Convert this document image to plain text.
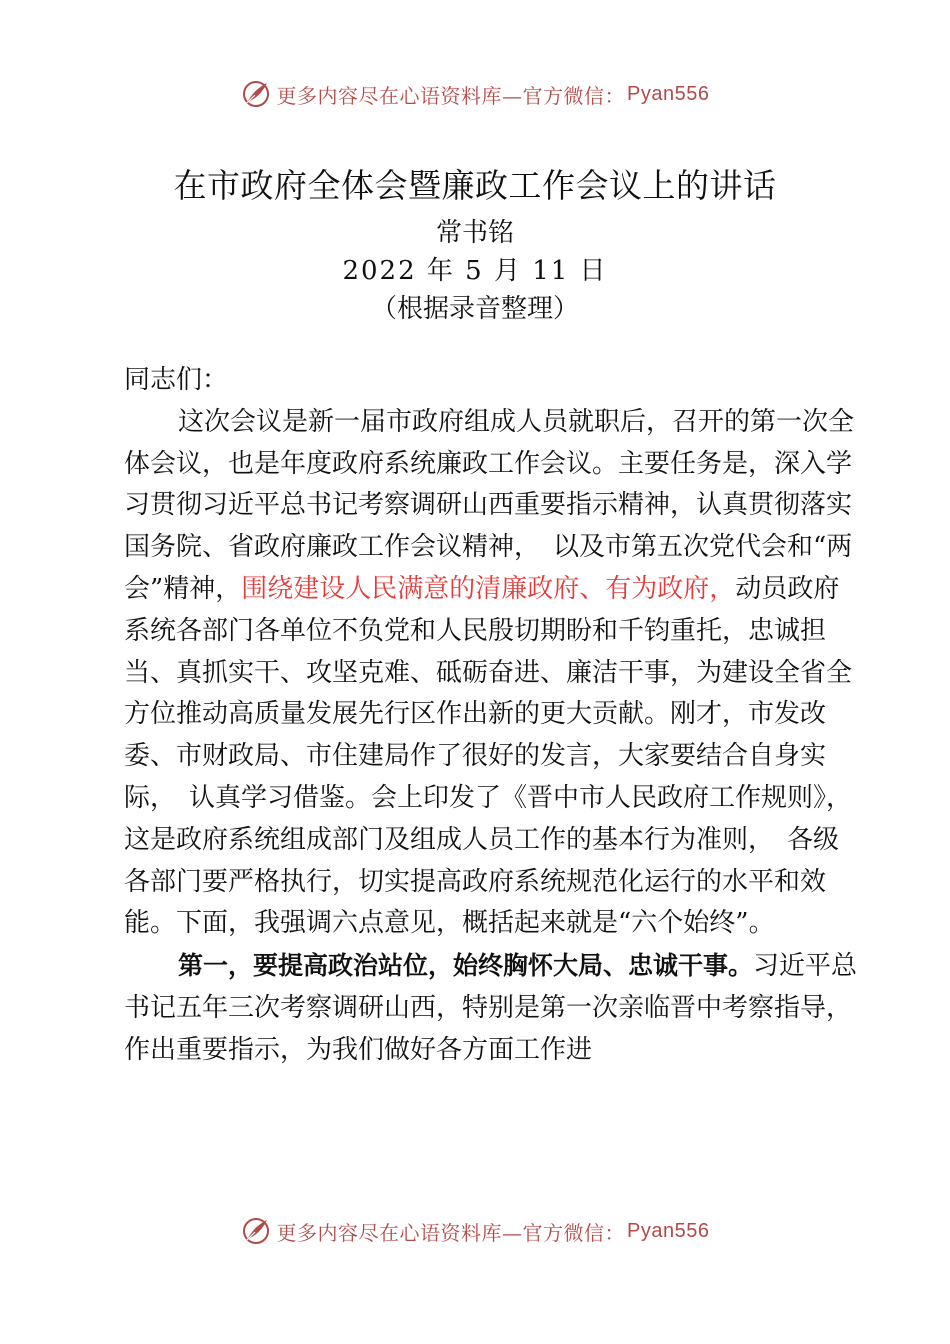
更多内容尽在心语资料库—官方微信： Pyan556
在市政府全体会暨廉政工作会议上的讲话

常书铭

2022 年 5 月 11 日

（根据录音整理）

同志们：

这次会议是新一届市政府组成人员就职后，召开的第一次全体会议，也是年度政府系统廉政工作会议。主要任务是，深入学习贯彻习近平总书记考察调研山西重要指示精神，认真贯彻落实国务院、省政府廉政工作会议精神，　以及市第五次党代会和“两会”精神，围绕建设人民满意的清廉政府、有为政府，动员政府系统各部门各单位不负党和人民殷切期盼和千钧重托，忠诚担当、真抓实干、攻坚克难、砥砺奋进、廉洁干事，为建设全省全方位推动高质量发展先行区作出新的更大贡献。刚才，市发改委、市财政局、市住建局作了很好的发言，大家要结合自身实际，　认真学习借鉴。会上印发了《晋中市人民政府工作规则》，　这是政府系统组成部门及组成人员工作的基本行为准则，　各级各部门要严格执行，切实提高政府系统规范化运行的水平和效能。下面，我强调六点意见，概括起来就是“六个始终”。

第一，要提高政治站位，始终胸怀大局、忠诚干事。习近平总书记五年三次考察调研山西，特别是第一次亲临晋中考察指导，作出重要指示，为我们做好各方面工作进

更多内容尽在心语资料库—官方微信： Pyan556
